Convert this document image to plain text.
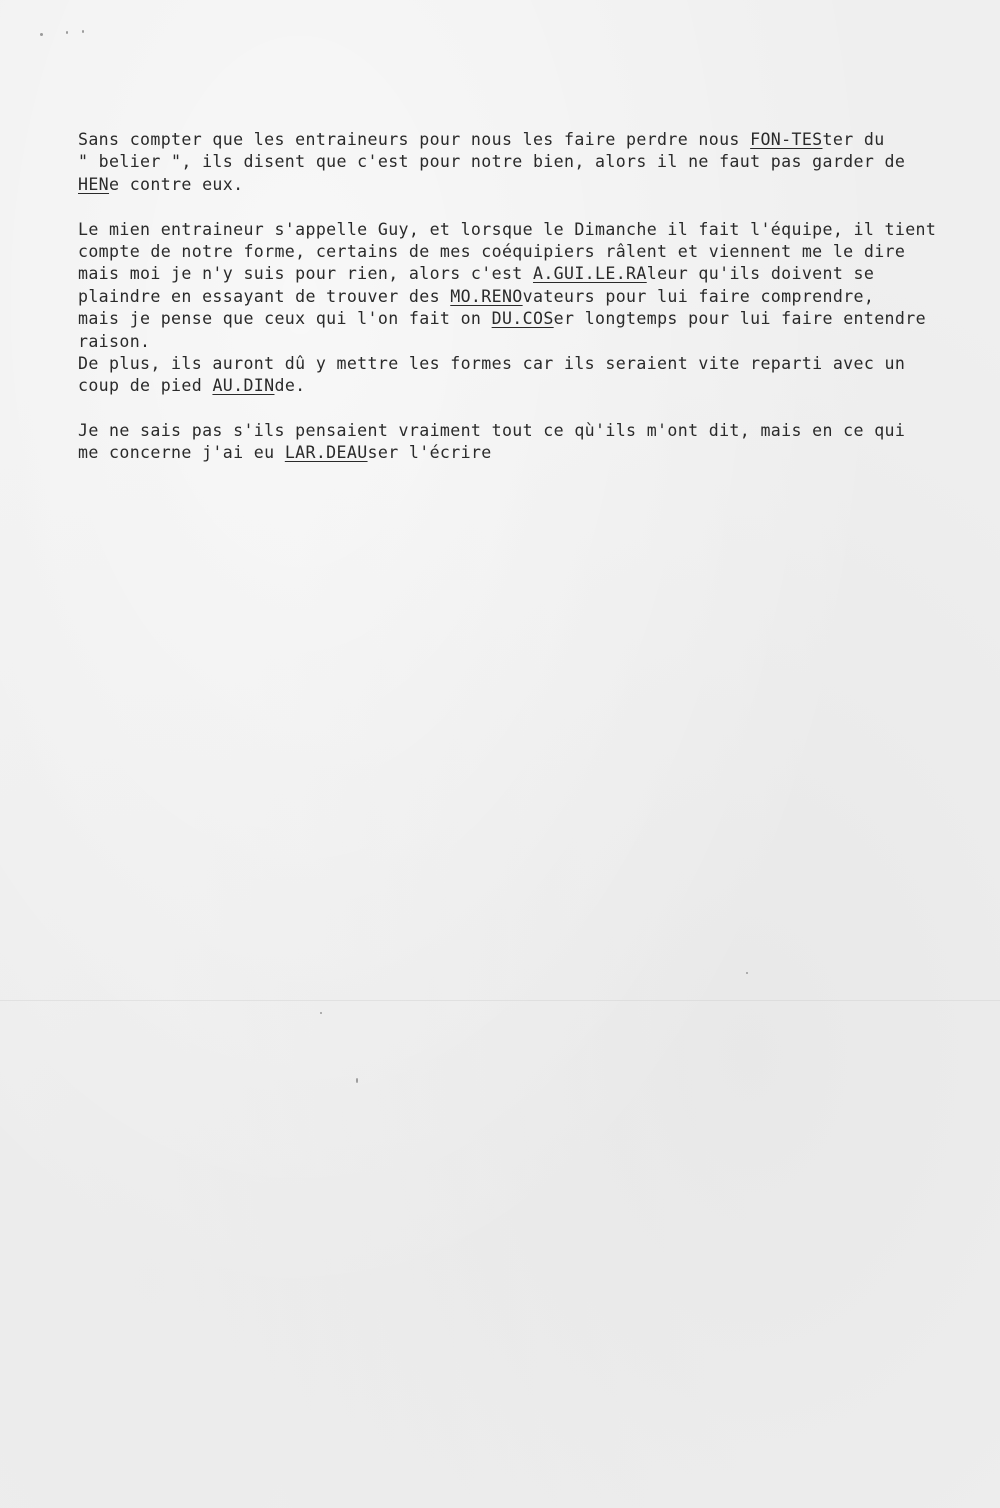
Sans compter que les entraineurs pour nous les faire perdre nous FON-TESter du
" belier ", ils disent que c'est pour notre bien, alors il ne faut pas garder de
HENe contre eux.
Le mien entraineur s'appelle Guy, et lorsque le Dimanche il fait l'équipe, il tient
compte de notre forme, certains de mes coéquipiers râlent et viennent me le dire
mais moi je n'y suis pour rien, alors c'est A.GUI.LE.RAleur qu'ils doivent se
plaindre en essayant de trouver des MO.RENOvateurs pour lui faire comprendre,
mais je pense que ceux qui l'on fait on DU.COSer longtemps pour lui faire entendre
raison.
De plus, ils auront dû y mettre les formes car ils seraient vite reparti avec un
coup de pied AU.DINde.
Je ne sais pas s'ils pensaient vraiment tout ce qù'ils m'ont dit, mais en ce qui
me concerne j'ai eu LAR.DEAUser l'écrire
